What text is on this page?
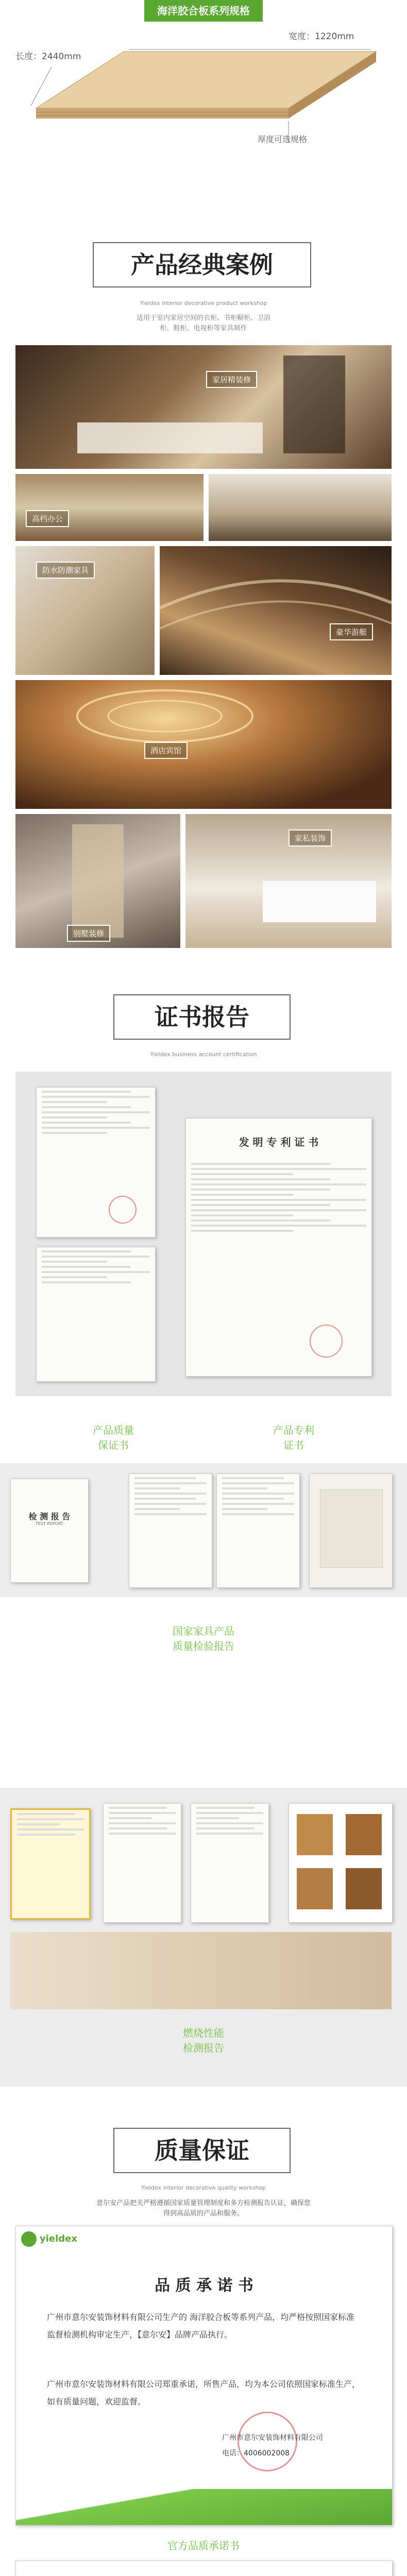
海洋胶合板系列规格
宽度：1220mm
长度：2440mm
厚度可选规格
产品经典案例
Yieldex interior decorative product workshop
适用于室内家居空间的衣柜、书柜橱柜、卫浴
柜、鞋柜、电视柜等家具制作
家居精装修
高档办公
防水防潮家具
豪华游艇
酒店宾馆
别墅装修
家私装饰
证书报告
Yieldex business account certification
发 明 专 利 证 书
产品质量
保证书
产品专利
证书
检 测 报 告
TEST REPORT
国家家具产品
质量检验报告
燃烧性能
检测报告
质量保证
Yieldex interior decorative quality workshop
意尔安产品把关严格遵循国家质量管理制度和多方检测报告认证，确保您
得到高品质的产品和服务。
yieldex
品 质 承 诺 书
广州市意尔安装饰材料有限公司生产的 海洋胶合板等系列产品，均严格按照国家标准监督检测机构审定生产，【意尔安】品牌产品执行。
广州市意尔安装饰材料有限公司郑重承诺，所售产品，均为本公司依照国家标准生产，如有质量问题，欢迎监督。
广州市意尔安装饰材料有限公司
电话：4006002008
官方品质承诺书
